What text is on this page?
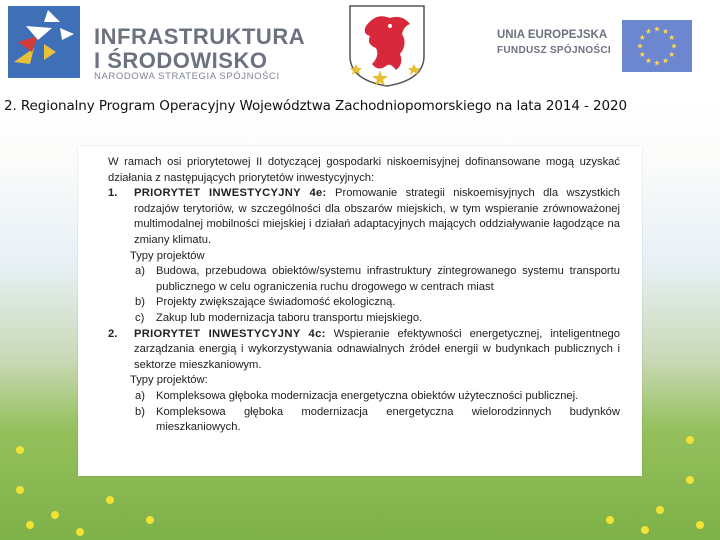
INFRASTRUKTURA
I ŚRODOWISKO
NARODOWA STRATEGIA SPÓJNOŚCI
UNIA EUROPEJSKA
FUNDUSZ SPÓJNOŚCI
2. Regionalny Program Operacyjny Województwa Zachodniopomorskiego na lata 2014 - 2020

W ramach osi priorytetowej II dotyczącej gospodarki niskoemisyjnej dofinansowane mogą uzyskać działania z następujących priorytetów inwestycyjnych:

1. PRIORYTET INWESTYCYJNY 4e: Promowanie strategii niskoemisyjnych dla wszystkich rodzajów terytoriów, w szczególności dla obszarów miejskich, w tym wspieranie zrównoważonej multimodalnej mobilności miejskiej i działań adaptacyjnych mających oddziaływanie łagodzące na zmiany klimatu.

Typy projektów

a) Budowa, przebudowa obiektów/systemu infrastruktury zintegrowanego systemu transportu publicznego w celu ograniczenia ruchu drogowego w centrach miast
b) Projekty zwiększające świadomość ekologiczną.
c) Zakup lub modernizacja taboru transportu miejskiego.
2. PRIORYTET INWESTYCYJNY 4c: Wspieranie efektywności energetycznej, inteligentnego zarządzania energią i wykorzystywania odnawialnych źródeł energii w budynkach publicznych i sektorze mieszkaniowym.

Typy projektów:

a) Kompleksowa głęboka modernizacja energetyczna obiektów użyteczności publicznej.
b) Kompleksowa głęboka modernizacja energetyczna wielorodzinnych budynków mieszkaniowych.
